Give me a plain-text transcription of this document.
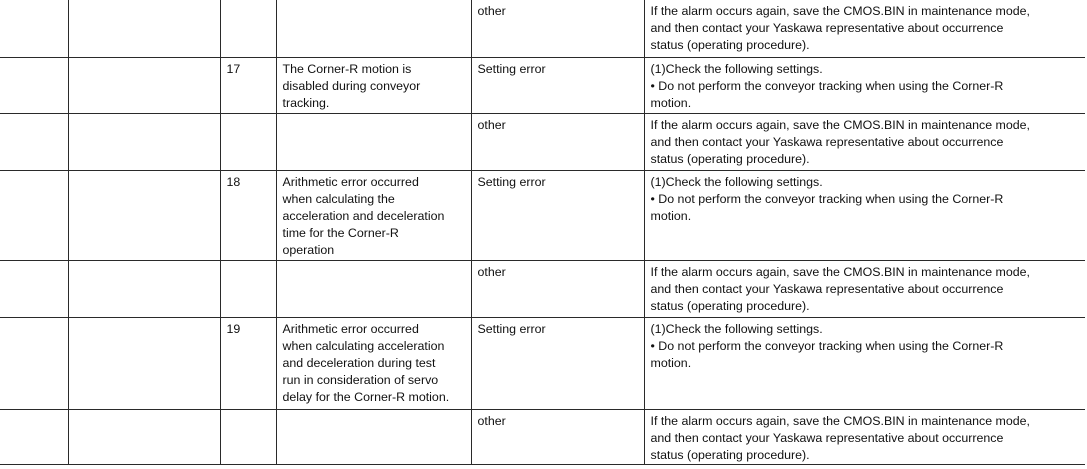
				other	If the alarm occurs again, save the CMOS.BIN in maintenance mode,
and then contact your Yaskawa representative about occurrence
status (operating procedure).
		17	The Corner-R motion is
disabled during conveyor
tracking.	Setting error	(1)Check the following settings.
• Do not perform the conveyor tracking when using the Corner-R
motion.
				other	If the alarm occurs again, save the CMOS.BIN in maintenance mode,
and then contact your Yaskawa representative about occurrence
status (operating procedure).
		18	Arithmetic error occurred
when calculating the
acceleration and deceleration
time for the Corner-R
operation	Setting error	(1)Check the following settings.
• Do not perform the conveyor tracking when using the Corner-R
motion.
				other	If the alarm occurs again, save the CMOS.BIN in maintenance mode,
and then contact your Yaskawa representative about occurrence
status (operating procedure).
		19	Arithmetic error occurred
when calculating acceleration
and deceleration during test
run in consideration of servo
delay for the Corner-R motion.	Setting error	(1)Check the following settings.
• Do not perform the conveyor tracking when using the Corner-R
motion.
				other	If the alarm occurs again, save the CMOS.BIN in maintenance mode,
and then contact your Yaskawa representative about occurrence
status (operating procedure).
